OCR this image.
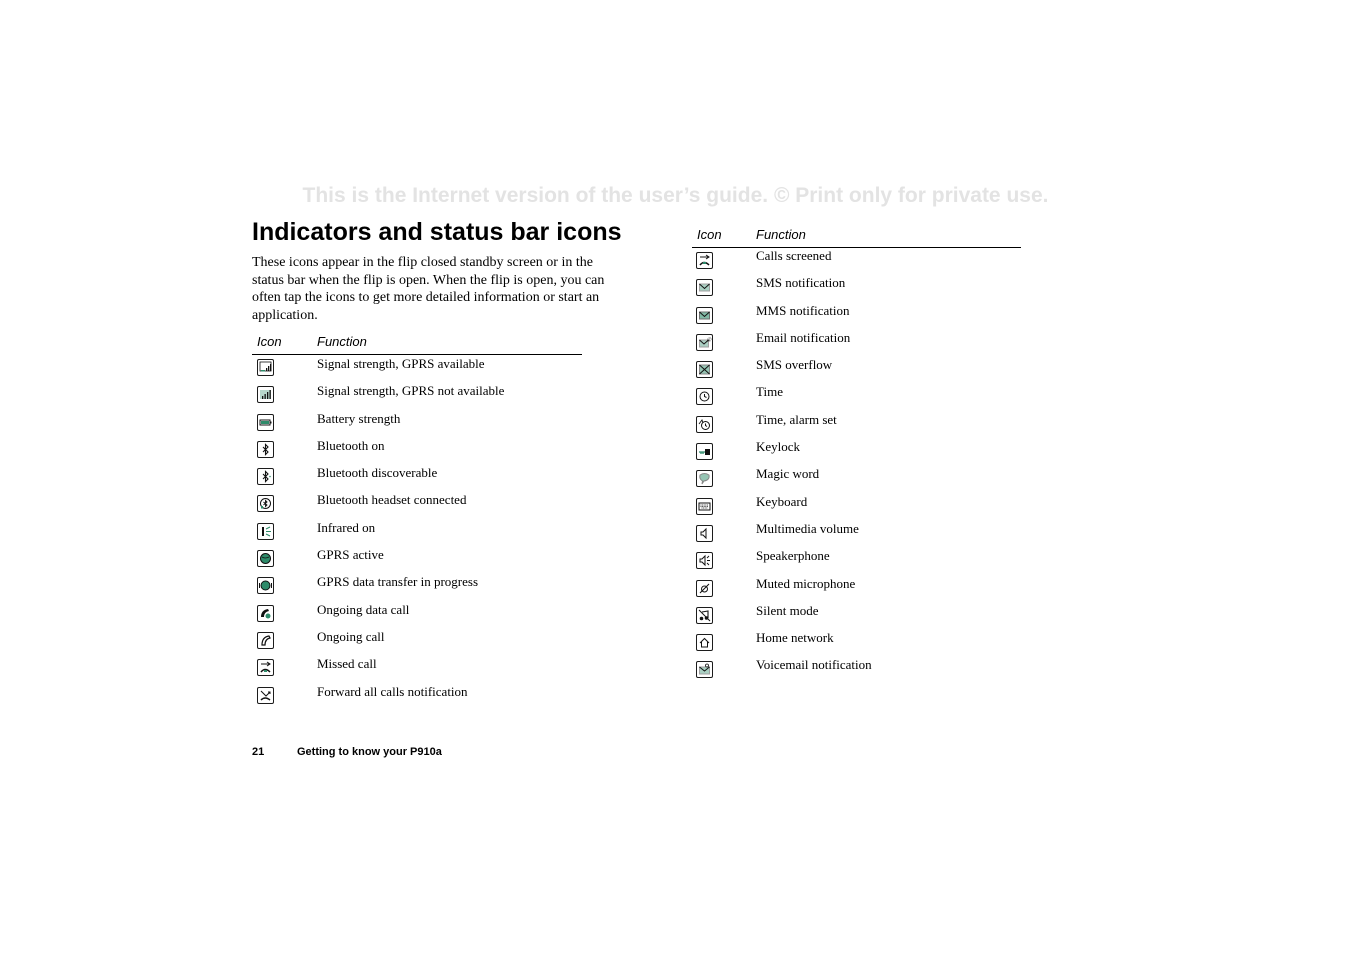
This is the Internet version of the user’s guide. © Print only for private use.
Indicators and status bar icons

These icons appear in the flip closed standby screen or in the status bar when the flip is open. When the flip is open, you can often tap the icons to get more detailed information or start an application.

Icon	Function
Signal strength, GPRS available
Signal strength, GPRS not available
Battery strength
Bluetooth on
Bluetooth discoverable
Bluetooth headset connected
Infrared on
GPRS active
GPRS data transfer in progress
Ongoing data call
Ongoing call
Missed call
Forward all calls notification
Icon	Function
Calls screened
SMS notification
MMS notification
@	Email notification
SMS overflow
Time
Time, alarm set
Keylock
Magic word
Keyboard
Multimedia volume
Speakerphone
Muted microphone
Silent mode
Home network
Voicemail notification
21	Getting to know your P910a
